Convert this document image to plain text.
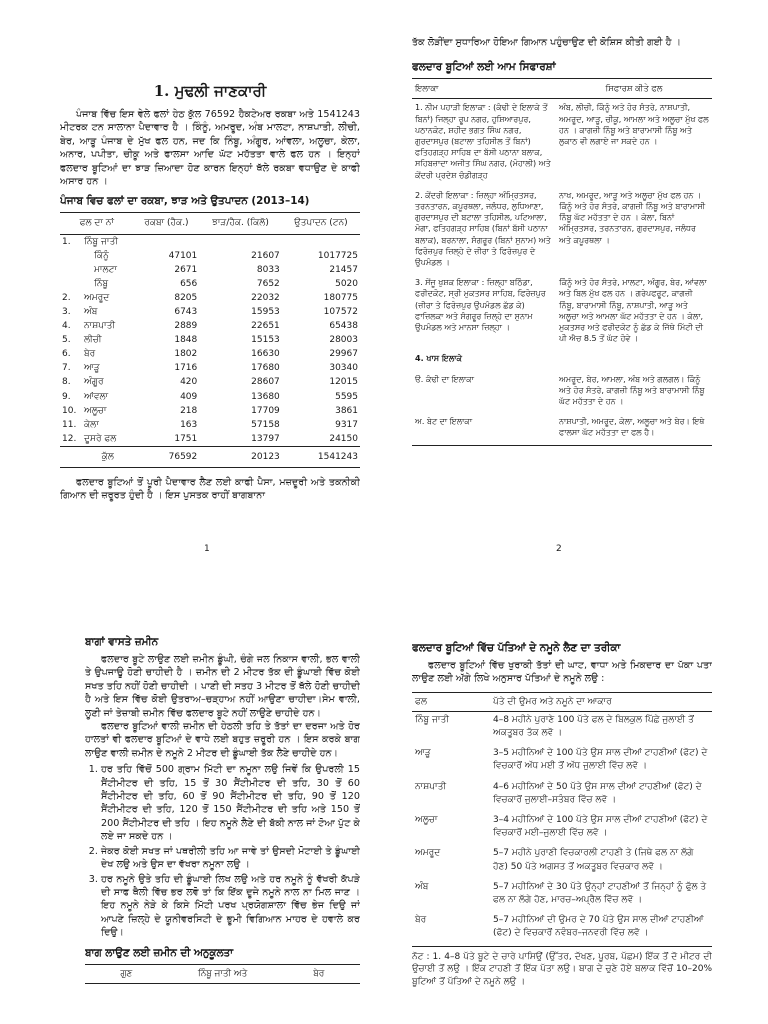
1. ਮੁਢਲੀ ਜਾਣਕਾਰੀ

ਪੰਜਾਬ ਵਿੱਚ ਇਸ ਵੇਲੇ ਫਲਾਂ ਹੇਠ ਕੁੱਲ 76592 ਹੈਕਟੇਅਰ ਰਕਬਾ ਅਤੇ 1541243 ਮੀਟਰਕ ਟਨ ਸਾਲਾਨਾ ਪੈਦਾਵਾਰ ਹੈ । ਕਿੰਨੂੰ, ਅਮਰੂਦ, ਅੰਬ ਮਾਲਟਾ, ਨਾਸ਼ਪਾਤੀ, ਲੀਚੀ, ਬੇਰ, ਆੜੂ ਪੰਜਾਬ ਦੇ ਮੁੱਖ ਫਲ ਹਨ, ਜਦ ਕਿ ਨਿੰਬੂ, ਅੰਗੂਰ, ਆਂਵਲਾ, ਅਲੂਚਾ, ਕੇਲਾ, ਅਨਾਰ, ਪਪੀਤਾ, ਚੀਕੂ ਅਤੇ ਫਾਲਸਾ ਆਦਿ ਘੱਟ ਮਹੱਤਤਾ ਵਾਲੇ ਫਲ ਹਨ । ਇਨ੍ਹਾਂ ਫਲਦਾਰ ਬੂਟਿਆਂ ਦਾ ਝਾੜ ਜ਼ਿਆਦਾ ਹੋਣ ਕਾਰਨ ਇਨ੍ਹਾਂ ਥੱਲੇ ਰਕਬਾ ਵਧਾਉਣ ਦੇ ਕਾਫੀ ਅਸਾਰ ਹਨ ।

ਪੰਜਾਬ ਵਿਚ ਫਲਾਂ ਦਾ ਰਕਬਾ, ਝਾੜ ਅਤੇ ਉਤਪਾਦਨ (2013–14)

ਫਲ ਦਾ ਨਾਂ		ਰਕਬਾ (ਹੈਕ.)	ਝਾੜ/ਹੈਕ. (ਕਿਲੋ)	ਉਤਪਾਦਨ (ਟਨ)
1.	ਨਿੰਬੂ ਜਾਤੀ			
	ਕਿੰਨੂੰ	47101	21607	1017725
	ਮਾਲਟਾ	2671	8033	21457
	ਨਿੰਬੂ	656	7652	5020
2.	ਅਮਰੂਦ	8205	22032	180775
3.	ਅੰਬ	6743	15953	107572
4.	ਨਾਸ਼ਪਾਤੀ	2889	22651	65438
5.	ਲੀਚੀ	1848	15153	28003
6.	ਬੇਰ	1802	16630	29967
7.	ਆੜੂ	1716	17680	30340
8.	ਅੰਗੂਰ	420	28607	12015
9.	ਆਂਵਲਾ	409	13680	5595
10.	ਅਲੂਚਾ	218	17709	3861
11.	ਕੇਲਾ	163	57158	9317
12.	ਦੂਸਰੇ ਫਲ	1751	13797	24150
	ਕੁੱਲ	76592	20123	1541243

ਫਲਦਾਰ ਬੂਟਿਆਂ ਤੋਂ ਪੂਰੀ ਪੈਦਾਵਾਰ ਲੈਣ ਲਈ ਕਾਫੀ ਪੈਸਾ, ਮਜ਼ਦੂਰੀ ਅਤੇ ਤਕਨੀਕੀ ਗਿਆਨ ਦੀ ਜ਼ਰੂਰਤ ਹੁੰਦੀ ਹੈ । ਇਸ ਪੁਸਤਕ ਰਾਹੀਂ ਬਾਗਬਾਨਾ

1

ਤੱਕ ਲੋੜੀਂਦਾ ਸੁਧਾਰਿਆ ਹੋਇਆ ਗਿਆਨ ਪਹੁੰਚਾਉਣ ਦੀ ਕੋਸ਼ਿਸ ਕੀਤੀ ਗਈ ਹੈ ।

ਫਲਦਾਰ ਬੂਟਿਆਂ ਲਈ ਆਮ ਸਿਫਾਰਸ਼ਾਂ

ਇਲਾਕਾ	ਸਿਫਾਰਸ਼ ਕੀਤੇ ਫਲ
1. ਨੀਮ ਪਹਾੜੀ ਇਲਾਕਾ : (ਕੰਢੀ ਦੇ ਇਲਾਕੇ ਤੋਂ ਬਿਨਾਂ) ਜਿਲ੍ਹਾ ਰੂਪ ਨਗਰ, ਹੁਸ਼ਿਆਰਪੁਰ, ਪਠਾਨਕੋਟ, ਸ਼ਹੀਦ ਭਗਤ ਸਿੰਘ ਨਗਰ, ਗੁਰਦਾਸਪੁਰ (ਬਟਾਲਾ ਤਹਿਸੀਲ ਤੋਂ ਬਿਨਾਂ) ਫਤਿਹਗੜ੍ਹ ਸਾਹਿਬ ਦਾ ਬੱਸੀ ਪਠਾਨਾ ਬਲਾਕ, ਸਹਿਬਜ਼ਾਦਾ ਅਜੀਤ ਸਿੰਘ ਨਗਰ, (ਮੋਹਾਲੀ) ਅਤੇ ਕੇਂਦਰੀ ਪ੍ਰਦੇਸ਼ ਚੰਡੀਗੜ੍ਹ	ਅੰਬ, ਲੀਚੀ, ਕਿੰਨੂੰ ਅਤੇ ਹੋਰ ਸੰਤਰੇ, ਨਾਸ਼ਪਾਤੀ, ਅਮਰੂਦ, ਆੜੂ, ਚੀਕੂ, ਆਮਲਾ ਅਤੇ ਅਲੂਚਾ ਮੁੱਖ ਫਲ ਹਨ । ਕਾਗਜ਼ੀ ਨਿੰਬੂ ਅਤੇ ਬਾਰਾਮਾਸੀ ਨਿੰਬੂ ਅਤੇ ਲੁਕਾਠ ਵੀ ਲਗਾਏ ਜਾ ਸਕਦੇ ਹਨ ।
2. ਕੇਂਦਰੀ ਇਲਾਕਾ : ਜ਼ਿਲ੍ਹਾ ਅੰਮ੍ਰਿਤਸਰ, ਤਰਨਤਾਰਨ, ਕਪੂਰਥਲਾ, ਜਲੰਧਰ, ਲੁਧਿਆਣਾ, ਗੁਰਦਾਸਪੁਰ ਦੀ ਬਟਾਲਾ ਤਹਿਸੀਲ, ਪਟਿਆਲਾ, ਮੋਗਾ, ਫਤਿਹਗੜ੍ਹ ਸਾਹਿਬ (ਬਿਨਾਂ ਬੱਸੀ ਪਠਾਨਾ ਬਲਾਕ), ਬਰਨਾਲਾ, ਸੰਗਰੂਰ (ਬਿਨਾਂ ਸੁਨਾਮ) ਅਤੇ ਫਿਰੋਜ਼ਪੁਰ ਜ਼ਿਲ੍ਹੇ ਦੇ ਜ਼ੀਰਾ ਤੇ ਫਿਰੋਜ਼ਪੁਰ ਦੇ ਉਪਮੰਡਲ ।	ਨਾਖ, ਅਮਰੂਦ, ਆੜੂ ਅਤੇ ਅਲੂਚਾ ਮੁੱਖ ਫਲ ਹਨ । ਕਿੰਨੂੰ ਅਤੇ ਹੋਰ ਸੰਤਰੇ, ਕਾਗਜ਼ੀ ਨਿੰਬੂ ਅਤੇ ਬਾਰਾਮਾਸੀ ਨਿੰਬੂ ਘੱਟ ਮਹੱਤਤਾ ਦੇ ਹਨ । ਕੇਲਾ, ਬਿਨਾਂ ਅੰਮ੍ਰਿਤਸਰ, ਤਰਨਤਾਰਨ, ਗੁਰਦਾਸਪੁਰ, ਜਲੰਧਰ ਅਤੇ ਕਪੂਰਥਲਾ ।
3. ਸੇਂਜੂ ਖੁਸ਼ਕ ਇਲਾਕਾ : ਜ਼ਿਲ੍ਹਾ ਬਠਿੰਡਾ, ਫਰੀਦਕੋਟ, ਸ੍ਰੀ ਮੁਕਤਸਰ ਸਾਹਿਬ, ਫਿਰੋਜ਼ਪੁਰ (ਜ਼ੀਰਾ ਤੇ ਫਿਰੋਜ਼ਪੁਰ ਉਪਮੰਡਲ ਛੱਡ ਕੇ) ਫਾਜ਼ਿਲਕਾ ਅਤੇ ਸੰਗਰੂਰ ਜ਼ਿਲ੍ਹੇ ਦਾ ਸੁਨਾਮ ਉਪਮੰਡਲ ਅਤੇ ਮਾਨਸਾ ਜ਼ਿਲ੍ਹਾ ।	ਕਿੰਨੂੰ ਅਤੇ ਹੋਰ ਸੰਤਰੇ, ਮਾਲਟਾ, ਅੰਗੂਰ, ਬੇਰ, ਆਂਵਲਾ ਅਤੇ ਬਿਲ ਮੁੱਖ ਫਲ ਹਨ । ਗਰੇਪਫਰੂਟ, ਕਾਗਜ਼ੀ ਨਿੰਬੂ, ਬਾਰਾਮਾਸੀ ਨਿੰਬੂ, ਨਾਸ਼ਪਾਤੀ, ਆੜੂ ਅਤੇ ਅਲੂਚਾ ਅਤੇ ਆਮਲਾ ਘੱਟ ਮਹੱਤਤਾ ਦੇ ਹਨ । ਕੇਲਾ, ਮੁਕਤਸਰ ਅਤੇ ਫਰੀਦਕੋਟ ਨੂੰ ਛੱਡ ਕੇ ਜਿੱਥੇ ਮਿੱਟੀ ਦੀ ਪੀ ਐਚ 8.5 ਤੋਂ ਘੱਟ ਹੋਵੇ ।
4. ਖਾਸ ਇਲਾਕੇ	
ੳ. ਕੰਢੀ ਦਾ ਇਲਾਕਾ	ਅਮਰੂਦ, ਬੇਰ, ਆਮਲਾ, ਅੰਬ ਅਤੇ ਗਲਗਲ। ਕਿੰਨੂੰ ਅਤੇ ਹੋਰ ਸੰਤਰੇ, ਕਾਗਜ਼ੀ ਨਿੰਬੂ ਅਤੇ ਬਾਰਾਮਾਸੀ ਨਿੰਬੂ ਘੱਟ ਮਹੱਤਤਾ ਦੇ ਹਨ ।
ਅ. ਬੇਟ ਦਾ ਇਲਾਕਾ	ਨਾਸ਼ਪਾਤੀ, ਅਮਰੂਦ, ਕੇਲਾ, ਅਲੂਚਾ ਅਤੇ ਬੇਰ। ਇਥੇ ਫਾਲਸਾ ਘੱਟ ਮਹੱਤਤਾ ਦਾ ਫਲ ਹੈ।
2

ਬਾਗਾਂ ਵਾਸਤੇ ਜ਼ਮੀਨ

ਫਲਦਾਰ ਬੂਟੇ ਲਾਉਣ ਲਈ ਜ਼ਮੀਨ ਡੂੰਘੀ, ਚੰਗੇ ਜਲ ਨਿਕਾਸ ਵਾਲੀ, ਭਲ ਵਾਲੀ ਤੇ ਉਪਜਾਊ ਹੋਣੀ ਚਾਹੀਦੀ ਹੈ । ਜ਼ਮੀਨ ਦੀ 2 ਮੀਟਰ ਤੱਕ ਦੀ ਡੂੰਘਾਈ ਵਿੱਚ ਕੋਈ ਸਖਤ ਤਹਿ ਨਹੀਂ ਹੋਣੀ ਚਾਹੀਦੀ । ਪਾਣੀ ਦੀ ਸਤਹ 3 ਮੀਟਰ ਤੋਂ ਥੱਲੇ ਹੋਣੀ ਚਾਹੀਦੀ ਹੈ ਅਤੇ ਇਸ ਵਿੱਚ ਕੋਈ ਉਤਰਾਅ–ਚੜ੍ਹਾਅ ਨਹੀਂ ਆਉਣਾ ਚਾਹੀਦਾ।ਸੇਮ ਵਾਲੀ, ਲੂਣੀ ਜਾਂ ਤੇਜ਼ਾਬੀ ਜ਼ਮੀਨ ਵਿੱਚ ਫਲਦਾਰ ਬੂਟੇ ਨਹੀਂ ਲਾਉਣੇ ਚਾਹੀਦੇ ਹਨ।

ਫਲਦਾਰ ਬੂਟਿਆਂ ਵਾਲੀ ਜ਼ਮੀਨ ਦੀ ਹੇਠਲੀ ਤਹਿ ਤੇ ਤੱਤਾਂ ਦਾ ਦਰਜਾ ਅਤੇ ਹੋਰ ਹਾਲਤਾਂ ਵੀ ਫਲਦਾਰ ਬੂਟਿਆਂ ਦੇ ਵਾਧੇ ਲਈ ਬਹੁਤ ਜ਼ਰੂਰੀ ਹਨ । ਇਸ ਕਰਕੇ ਬਾਗ ਲਾਉਣ ਵਾਲੀ ਜ਼ਮੀਨ ਦੇ ਨਮੂਨੇ 2 ਮੀਟਰ ਦੀ ਡੂੰਘਾਈ ਤੱਕ ਲੈਣੇ ਚਾਹੀਦੇ ਹਨ।

1. ਹਰ ਤਹਿ ਵਿੱਚੋਂ 500 ਗ੍ਰਾਮ ਮਿੱਟੀ ਦਾ ਨਮੂਨਾ ਲਉ ਜਿਵੇਂ ਕਿ ਉਪਰਲੀ 15 ਸੈਂਟੀਮੀਟਰ ਦੀ ਤਹਿ, 15 ਤੋਂ 30 ਸੈਂਟੀਮੀਟਰ ਦੀ ਤਹਿ, 30 ਤੋਂ 60 ਸੈਂਟੀਮੀਟਰ ਦੀ ਤਹਿ, 60 ਤੋਂ 90 ਸੈਂਟੀਮੀਟਰ ਦੀ ਤਹਿ, 90 ਤੋਂ 120 ਸੈਂਟੀਮੀਟਰ ਦੀ ਤਹਿ, 120 ਤੋਂ 150 ਸੈਂਟੀਮੀਟਰ ਦੀ ਤਹਿ ਅਤੇ 150 ਤੋਂ 200 ਸੈਂਟੀਮੀਟਰ ਦੀ ਤਹਿ । ਇਹ ਨਮੂਨੇ ਲੈਣੇ ਦੀ ਬੱਕੀ ਨਾਲ ਜਾਂ ਟੋਆ ਪੁੱਟ ਕੇ ਲਏ ਜਾ ਸਕਦੇ ਹਨ ।
2. ਜੇਕਰ ਕੋਈ ਸਖਤ ਜਾਂ ਪਥਰੀਲੀ ਤਹਿ ਆ ਜਾਵੇ ਤਾਂ ਉਸਦੀ ਮੋਟਾਈ ਤੇ ਡੂੰਘਾਈ ਦੇਖ ਲਉ ਅਤੇ ਉਸ ਦਾ ਵੱਖਰਾ ਨਮੂਨਾ ਲਉ ।
3. ਹਰ ਨਮੂਨੇ ਉਤੇ ਤਹਿ ਦੀ ਡੂੰਘਾਈ ਲਿਖ ਲਉ ਅਤੇ ਹਰ ਨਮੂਨੇ ਨੂੰ ਵੱਖਰੀ ਕੱਪੜੇ ਦੀ ਸਾਫ ਥੈਲੀ ਵਿੱਚ ਭਰ ਲਵੋ ਤਾਂ ਕਿ ਇੱਕ ਦੂਜੇ ਨਮੂਨੇ ਨਾਲ ਨਾ ਮਿਲ ਜਾਣ । ਇਹ ਨਮੂਨੇ ਨੇੜੇ ਕੇ ਕਿਸੇ ਮਿੱਟੀ ਪਰਖ ਪ੍ਰਯੋਗਸ਼ਾਲਾ ਵਿੱਚ ਭੇਜ ਦਿਉ ਜਾਂ ਆਪਣੇ ਜ਼ਿਲ੍ਹੇ ਦੇ ਯੂਨੀਵਰਸਿਟੀ ਦੇ ਭੂਮੀ ਵਿਗਿਆਨ ਮਾਹਰ ਦੇ ਹਵਾਲੇ ਕਰ ਦਿਉ।

ਬਾਗ ਲਾਉਣ ਲਈ ਜ਼ਮੀਨ ਦੀ ਅਨੁਕੂਲਤਾ

ਗੁਣ	ਨਿੰਬੂ ਜਾਤੀ ਅਤੇ	ਬੇਰ

ਫਲਦਾਰ ਬੂਟਿਆਂ ਵਿੱਚ ਪੱਤਿਆਂ ਦੇ ਨਮੂਨੇ ਲੈਣ ਦਾ ਤਰੀਕਾ

ਫਲਦਾਰ ਬੂਟਿਆਂ ਵਿੱਚ ਖੁਰਾਕੀ ਤੱਤਾਂ ਦੀ ਘਾਟ, ਵਾਧਾ ਅਤੇ ਮਿਕਦਾਰ ਦਾ ਪੱਕਾ ਪਤਾ ਲਾਉਣ ਲਈ ਅੱਗੇ ਲਿਖੇ ਅਨੁਸਾਰ ਪੱਤਿਆਂ ਦੇ ਨਮੂਨੇ ਲਉ :

ਫਲ	ਪੱਤੇ ਦੀ ਉਮਰ ਅਤੇ ਨਮੂਨੇ ਦਾ ਆਕਾਰ
ਨਿੰਬੂ ਜਾਤੀ	4–8 ਮਹੀਨੇ ਪੁਰਾਣੇ 100 ਪੱਤੇ ਫਲ ਦੇ ਬਿਲਕੁਲ ਪਿੱਛੇ ਜੁਲਾਈ ਤੋਂ ਅਕਤੂਬਰ ਤੱਕ ਲਵੋ ।
ਆੜੂ	3–5 ਮਹੀਨਿਆਂ ਦੇ 100 ਪੱਤੇ ਉਸ ਸਾਲ ਦੀਆਂ ਟਾਹਣੀਆਂ (ਫੋਟ) ਦੇ ਵਿਚਕਾਰੋਂ ਅੱਧ ਮਈ ਤੋਂ ਅੱਧ ਜੁਲਾਈ ਵਿੱਚ ਲਵੋ ।
ਨਾਸ਼ਪਾਤੀ	4–6 ਮਹੀਨਿਆਂ ਦੇ 50 ਪੱਤੇ ਉਸ ਸਾਲ ਦੀਆਂ ਟਾਹਣੀਆਂ (ਫੋਟ) ਦੇ ਵਿਚਕਾਰੋਂ ਜੁਲਾਈ–ਸਤੰਬਰ ਵਿੱਚ ਲਵੋ ।
ਅਲੂਚਾ	3–4 ਮਹੀਨਿਆਂ ਦੇ 100 ਪੱਤੇ ਉਸ ਸਾਲ ਦੀਆਂ ਟਾਹਣੀਆਂ (ਫੋਟ) ਦੇ ਵਿਚਕਾਰੋਂ ਮਈ–ਜੁਲਾਈ ਵਿੱਚ ਲਵੋ ।
ਅਮਰੂਦ	5–7 ਮਹੀਨੇ ਪੁਰਾਣੀ ਵਿਚਕਾਰਲੀ ਟਾਹਣੀ ਤੇ (ਜਿਥੇ ਫਲ ਨਾ ਲੱਗੇ ਹੋਣ) 50 ਪੱਤੇ ਅਗਸਤ ਤੋਂ ਅਕਤੂਬਰ ਵਿਚਕਾਰ ਲਵੋ ।
ਅੰਬ	5–7 ਮਹੀਨਿਆਂ ਦੇ 30 ਪੱਤੇ ਉਨ੍ਹਾਂ ਟਾਹਣੀਆਂ ਤੋਂ ਜਿਨ੍ਹਾਂ ਨੂੰ ਫੁੱਲ ਤੇ ਫਲ ਨਾ ਲੱਗੇ ਹੋਣ, ਮਾਰਚ–ਅਪ੍ਰੈਲ ਵਿੱਚ ਲਵੋ ।
ਬੇਰ	5–7 ਮਹੀਨਿਆਂ ਦੀ ਉਮਰ ਦੇ 70 ਪੱਤੇ ਉਸ ਸਾਲ ਦੀਆਂ ਟਾਹਣੀਆਂ (ਫੋਟ) ਦੇ ਵਿਚਕਾਰੋਂ ਨਵੰਬਰ–ਜਨਵਰੀ ਵਿੱਚ ਲਵੋ ।

ਨੋਟ : 1. 4–8 ਪੱਤੇ ਬੂਟੇ ਦੇ ਚਾਰੇ ਪਾਸਿਉਂ (ਉੱਤਰ, ਦੱਖਣ, ਪੂਰਬ, ਪੱਛਮ) ਇੱਕ ਤੋਂ ਦੋ ਮੀਟਰ ਦੀ ਉਚਾਈ ਤੋਂ ਲਉ । ਇੱਕ ਟਾਹਣੀ ਤੋਂ ਇੱਕ ਪੱਤਾ ਲਉ। ਬਾਗ ਦੇ ਚੁਣੇ ਹੋਏ ਬਲਾਕ ਵਿੱਚੋਂ 10–20% ਬੂਟਿਆਂ ਤੋਂ ਪੱਤਿਆਂ ਦੇ ਨਮੂਨੇ ਲਉ ।
